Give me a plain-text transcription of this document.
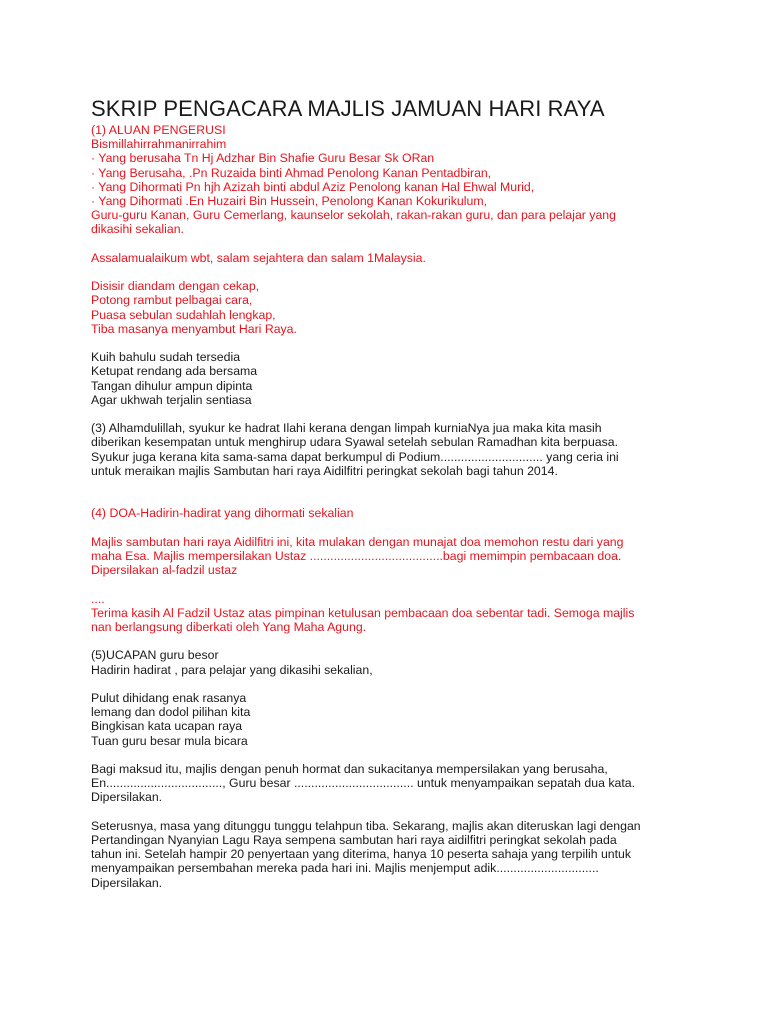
SKRIP PENGACARA MAJLIS JAMUAN HARI RAYA

(1) ALUAN PENGERUSI

Bismillahirrahmanirrahim

· Yang berusaha Tn Hj Adzhar Bin Shafie Guru Besar Sk ORan

· Yang Berusaha, .Pn Ruzaida binti Ahmad Penolong Kanan Pentadbiran,

· Yang Dihormati Pn hjh Azizah binti abdul Aziz Penolong kanan Hal Ehwal Murid,

· Yang Dihormati .En Huzairi Bin Hussein, Penolong Kanan Kokurikulum,

Guru-guru Kanan, Guru Cemerlang, kaunselor sekolah, rakan-rakan guru, dan para pelajar yang

dikasihi sekalian.

Assalamualaikum wbt, salam sejahtera dan salam 1Malaysia.

Disisir diandam dengan cekap,

Potong rambut pelbagai cara,

Puasa sebulan sudahlah lengkap,

Tiba masanya menyambut Hari Raya.

Kuih bahulu sudah tersedia

Ketupat rendang ada bersama

Tangan dihulur ampun dipinta

Agar ukhwah terjalin sentiasa

(3) Alhamdulillah, syukur ke hadrat Ilahi kerana dengan limpah kurniaNya jua maka kita masih

diberikan kesempatan untuk menghirup udara Syawal setelah sebulan Ramadhan kita berpuasa.

Syukur juga kerana kita sama-sama dapat berkumpul di Podium.............................. yang ceria ini

untuk meraikan majlis Sambutan hari raya Aidilfitri peringkat sekolah bagi tahun 2014.

(4) DOA-Hadirin-hadirat yang dihormati sekalian

Majlis sambutan hari raya Aidilfitri ini, kita mulakan dengan munajat doa memohon restu dari yang

maha Esa. Majlis mempersilakan Ustaz .......................................bagi memimpin pembacaan doa.

Dipersilakan al-fadzil ustaz

....

Terima kasih Al Fadzil Ustaz atas pimpinan ketulusan pembacaan doa sebentar tadi. Semoga majlis

nan berlangsung diberkati oleh Yang Maha Agung.

(5)UCAPAN guru besor

Hadirin hadirat , para pelajar yang dikasihi sekalian,

Pulut dihidang enak rasanya

lemang dan dodol pilihan kita

Bingkisan kata ucapan raya

Tuan guru besar mula bicara

Bagi maksud itu, majlis dengan penuh hormat dan sukacitanya mempersilakan yang berusaha,

En.................................., Guru besar ................................... untuk menyampaikan sepatah dua kata.

Dipersilakan.

Seterusnya, masa yang ditunggu tunggu telahpun tiba. Sekarang, majlis akan diteruskan lagi dengan

Pertandingan Nyanyian Lagu Raya sempena sambutan hari raya aidilfitri peringkat sekolah pada

tahun ini. Setelah hampir 20 penyertaan yang diterima, hanya 10 peserta sahaja yang terpilih untuk

menyampaikan persembahan mereka pada hari ini. Majlis menjemput adik..............................

Dipersilakan.
